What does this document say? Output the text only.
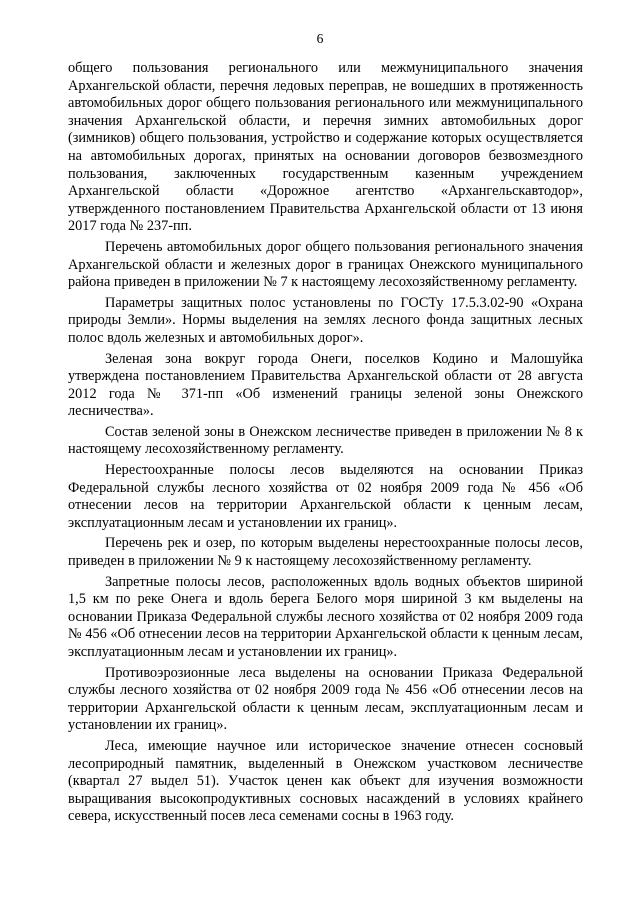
6

общего пользования регионального или межмуниципального значения Архангельской области, перечня ледовых переправ, не вошедших в протяженность автомобильных дорог общего пользования регионального или межмуниципального значения Архангельской области, и перечня зимних автомобильных дорог (зимников) общего пользования, устройство и содержание которых осуществляется на автомобильных дорогах, принятых на основании договоров безвозмездного пользования, заключенных государственным казенным учреждением Архангельской области «Дорожное агентство «Архангельскавтодор», утвержденного постановлением Правительства Архангельской области от 13 июня 2017 года № 237-пп.

Перечень автомобильных дорог общего пользования регионального значения Архангельской области и железных дорог в границах Онежского муниципального района приведен в приложении № 7 к настоящему лесохозяйственному регламенту.

Параметры защитных полос установлены по ГОСТу 17.5.3.02-90 «Охрана природы Земли». Нормы выделения на землях лесного фонда защитных лесных полос вдоль железных и автомобильных дорог».

Зеленая зона вокруг города Онеги, поселков Кодино и Малошуйка утверждена постановлением Правительства Архангельской области от 28 августа 2012 года № 371-пп «Об изменений границы зеленой зоны Онежского лесничества».

Состав зеленой зоны в Онежском лесничестве приведен в приложении № 8 к настоящему лесохозяйственному регламенту.

Нерестоохранные полосы лесов выделяются на основании Приказ Федеральной службы лесного хозяйства от 02 ноября 2009 года № 456 «Об отнесении лесов на территории Архангельской области к ценным лесам, эксплуатационным лесам и установлении их границ».

Перечень рек и озер, по которым выделены нерестоохранные полосы лесов, приведен в приложении № 9 к настоящему лесохозяйственному регламенту.

Запретные полосы лесов, расположенных вдоль водных объектов шириной 1,5 км по реке Онега и вдоль берега Белого моря шириной 3 км выделены на основании Приказа Федеральной службы лесного хозяйства от 02 ноября 2009 года № 456 «Об отнесении лесов на территории Архангельской области к ценным лесам, эксплуатационным лесам и установлении их границ».

Противоэрозионные леса выделены на основании Приказа Федеральной службы лесного хозяйства от 02 ноября 2009 года № 456 «Об отнесении лесов на территории Архангельской области к ценным лесам, эксплуатационным лесам и установлении их границ».

Леса, имеющие научное или историческое значение отнесен сосновый лесоприродный памятник, выделенный в Онежском участковом лесничестве (квартал 27 выдел 51). Участок ценен как объект для изучения возможности выращивания высокопродуктивных сосновых насаждений в условиях крайнего севера, искусственный посев леса семенами сосны в 1963 году.
